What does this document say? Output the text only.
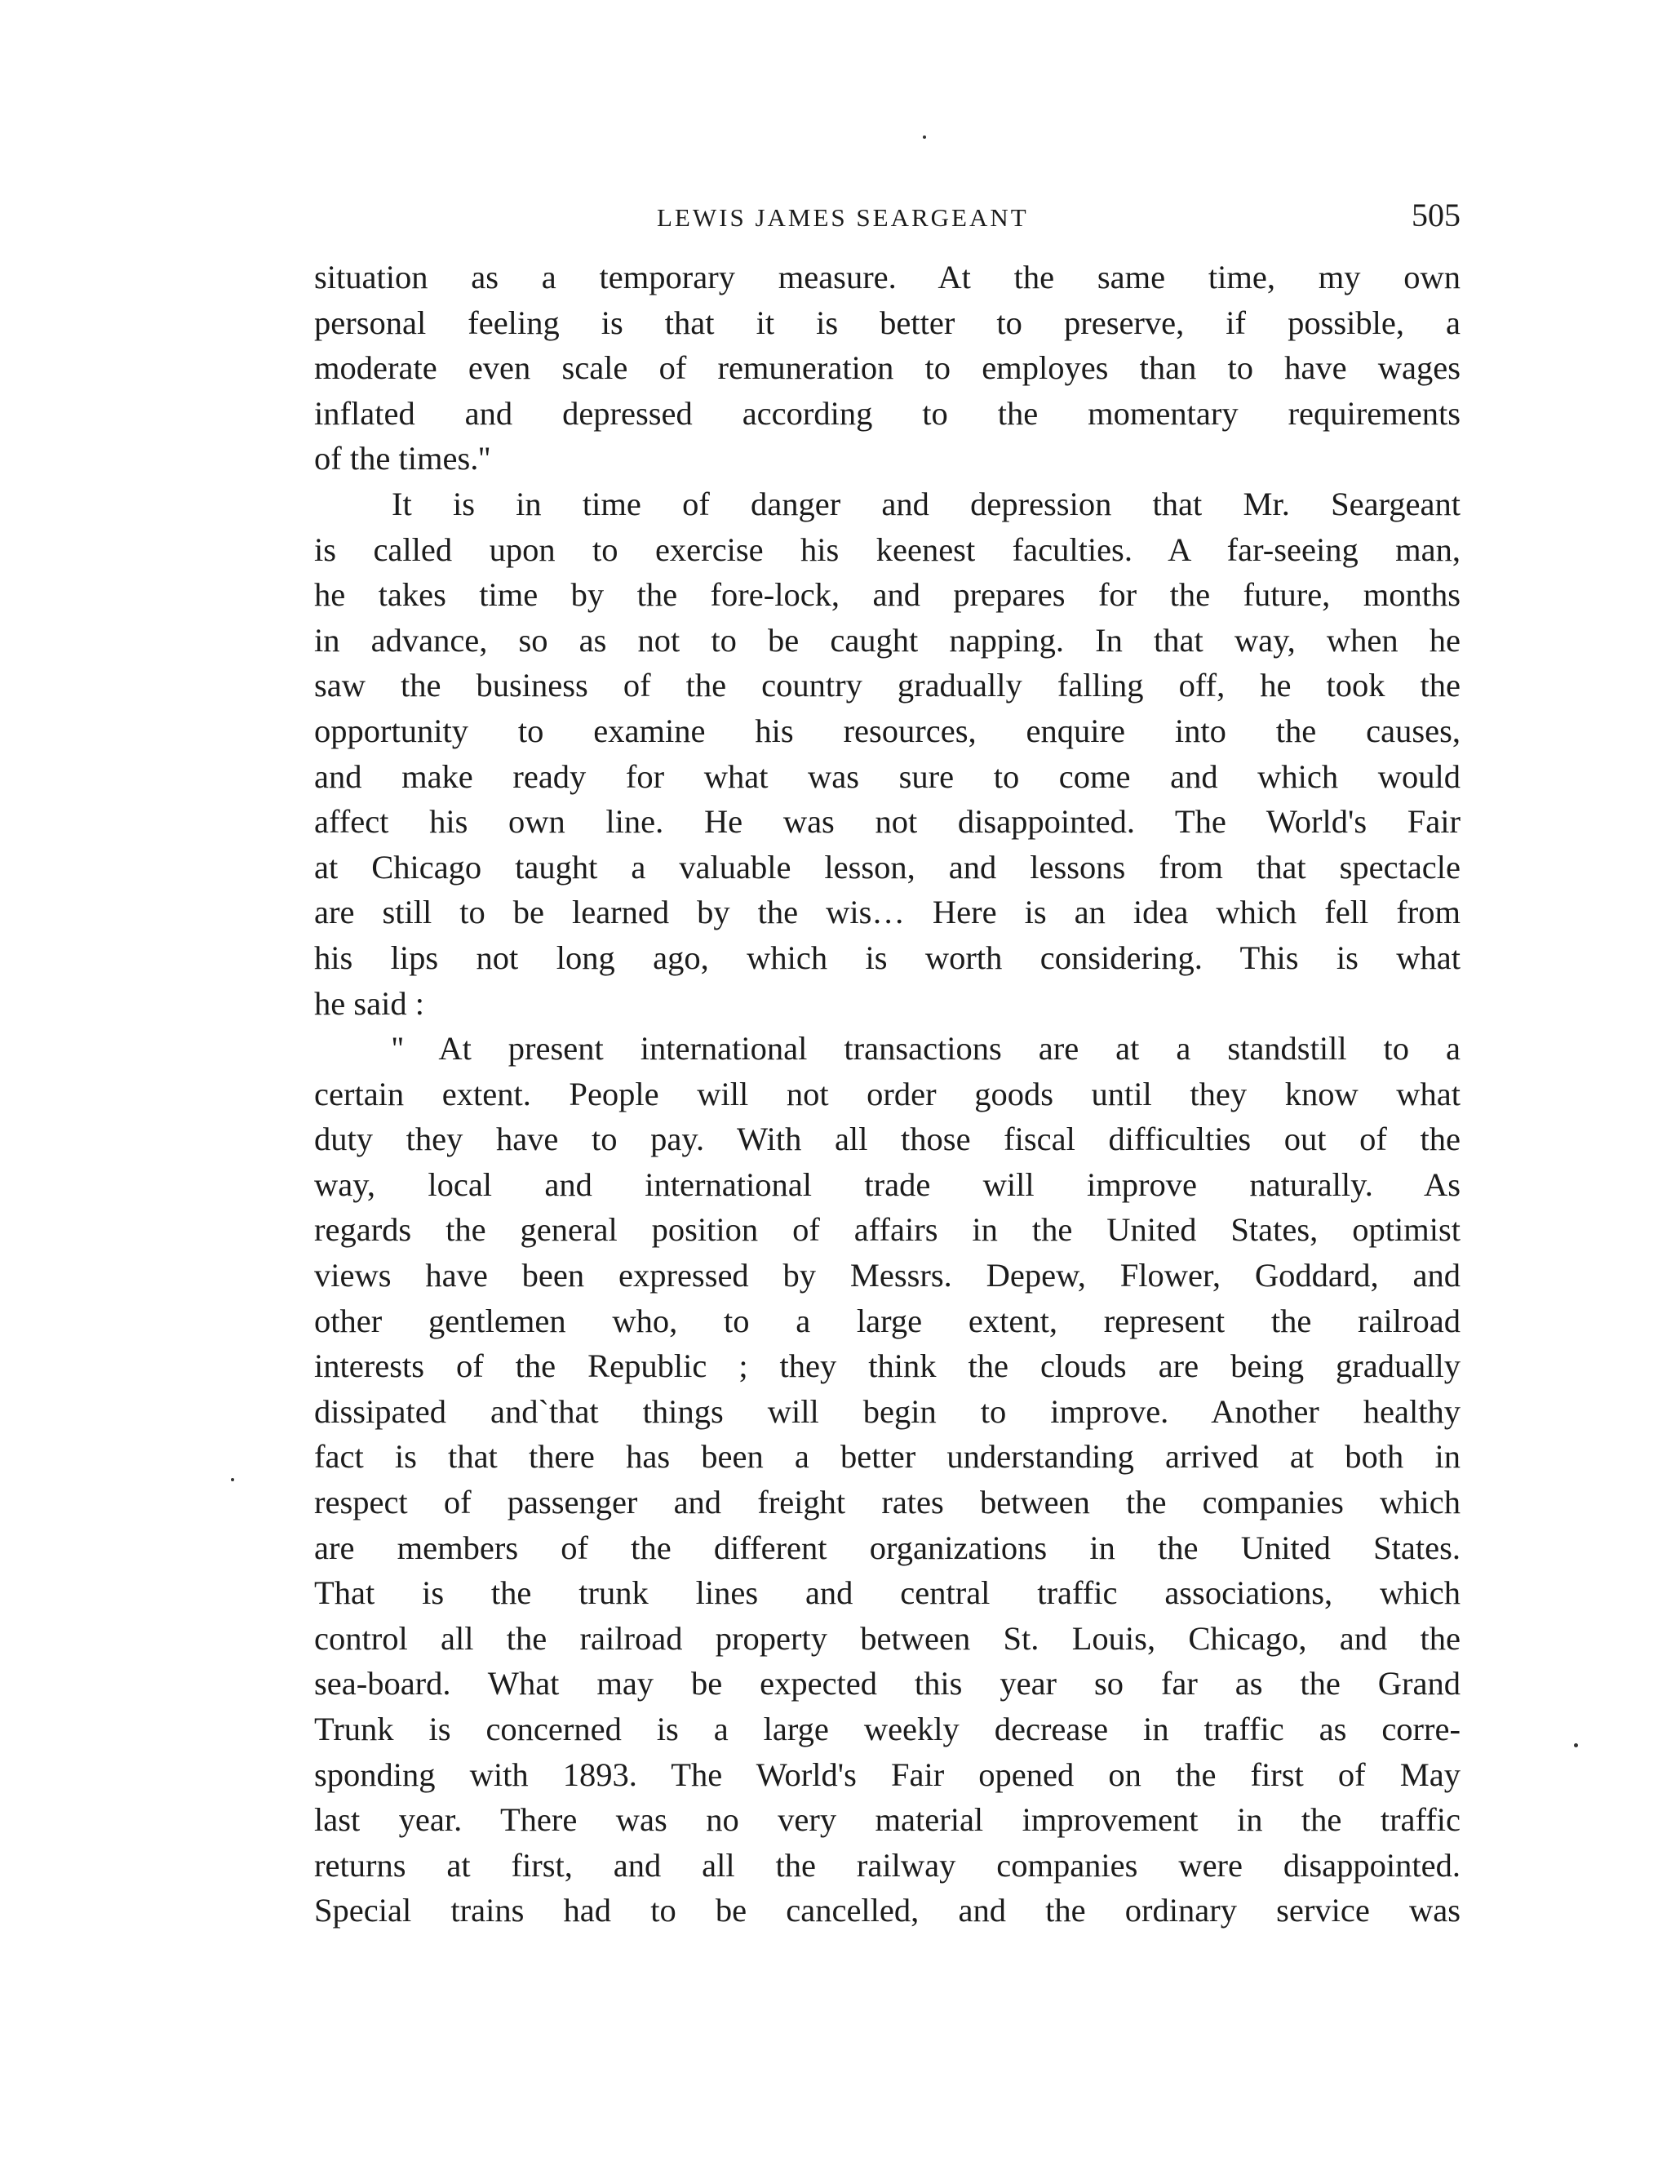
LEWIS JAMES SEARGEANT	505
situation as a temporary measure. At the same time, my own
personal feeling is that it is better to preserve, if possible, a
moderate even scale of remuneration to employes than to have wages
inflated and depressed according to the momentary requirements
of the times.''
It is in time of danger and depression that Mr. Seargeant
is called upon to exercise his keenest faculties. A far-seeing man,
he takes time by the fore-lock, and prepares for the future, months
in advance, so as not to be caught napping. In that way, when he
saw the business of the country gradually falling off, he took the
opportunity to examine his resources, enquire into the causes,
and make ready for what was sure to come and which would
affect his own line. He was not disappointed. The World's Fair
at Chicago taught a valuable lesson, and lessons from that spectacle
are still to be learned by the wis… Here is an idea which fell from
his lips not long ago, which is worth considering. This is what
he said :
'' At present international transactions are at a standstill to a
certain extent. People will not order goods until they know what
duty they have to pay. With all those fiscal difficulties out of the
way, local and international trade will improve naturally. As
regards the general position of affairs in the United States, optimist
views have been expressed by Messrs. Depew, Flower, Goddard, and
other gentlemen who, to a large extent, represent the railroad
interests of the Republic ; they think the clouds are being gradually
dissipated and`that things will begin to improve. Another healthy
fact is that there has been a better understanding arrived at both in
respect of passenger and freight rates between the companies which
are members of the different organizations in the United States.
That is the trunk lines and central traffic associations, which
control all the railroad property between St. Louis, Chicago, and the
sea-board. What may be expected this year so far as the Grand
Trunk is concerned is a large weekly decrease in traffic as corre-
sponding with 1893. The World's Fair opened on the first of May
last year. There was no very material improvement in the traffic
returns at first, and all the railway companies were disappointed.
Special trains had to be cancelled, and the ordinary service was
